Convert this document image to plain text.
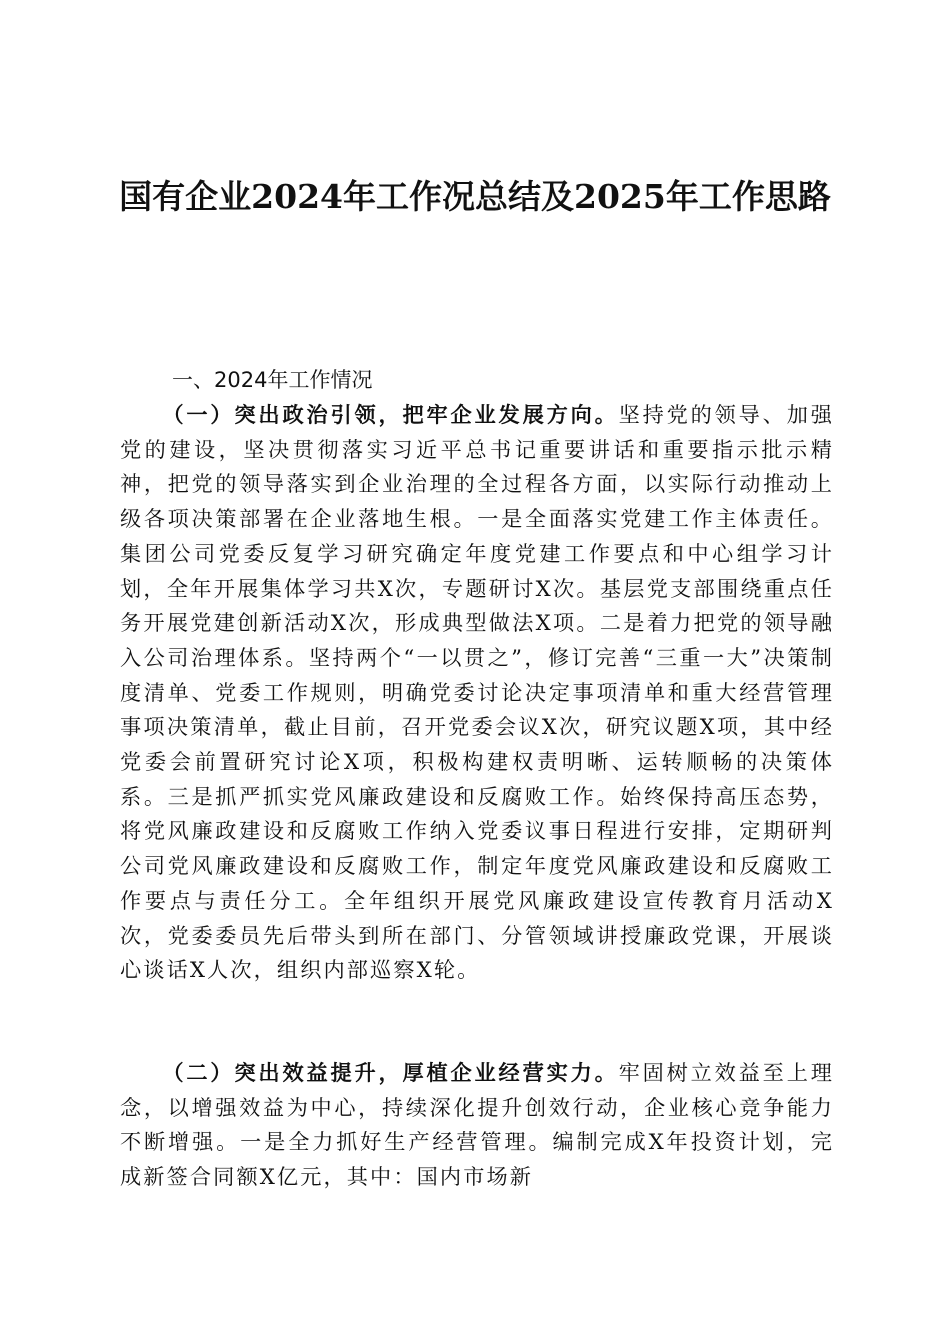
国有企业2024年工作况总结及2025年工作思路
一、2024年工作情况
（一）突出政治引领，把牢企业发展方向。坚持党的领导、加强党的建设，坚决贯彻落实习近平总书记重要讲话和重要指示批示精神，把党的领导落实到企业治理的全过程各方面，以实际行动推动上级各项决策部署在企业落地生根。一是全面落实党建工作主体责任。集团公司党委反复学习研究确定年度党建工作要点和中心组学习计划，全年开展集体学习共X次，专题研讨X次。基层党支部围绕重点任务开展党建创新活动X次，形成典型做法X项。二是着力把党的领导融入公司治理体系。坚持两个“一以贯之”，修订完善“三重一大”决策制度清单、党委工作规则，明确党委讨论决定事项清单和重大经营管理事项决策清单，截止目前，召开党委会议X次，研究议题X项，其中经党委会前置研究讨论X项，积极构建权责明晰、运转顺畅的决策体系。三是抓严抓实党风廉政建设和反腐败工作。始终保持高压态势，将党风廉政建设和反腐败工作纳入党委议事日程进行安排，定期研判公司党风廉政建设和反腐败工作，制定年度党风廉政建设和反腐败工作要点与责任分工。全年组织开展党风廉政建设宣传教育月活动X次，党委委员先后带头到所在部门、分管领域讲授廉政党课，开展谈心谈话X人次，组织内部巡察X轮。
（二）突出效益提升，厚植企业经营实力。牢固树立效益至上理念，以增强效益为中心，持续深化提升创效行动，企业核心竞争能力不断增强。一是全力抓好生产经营管理。编制完成X年投资计划，完成新签合同额X亿元，其中：国内市场新
